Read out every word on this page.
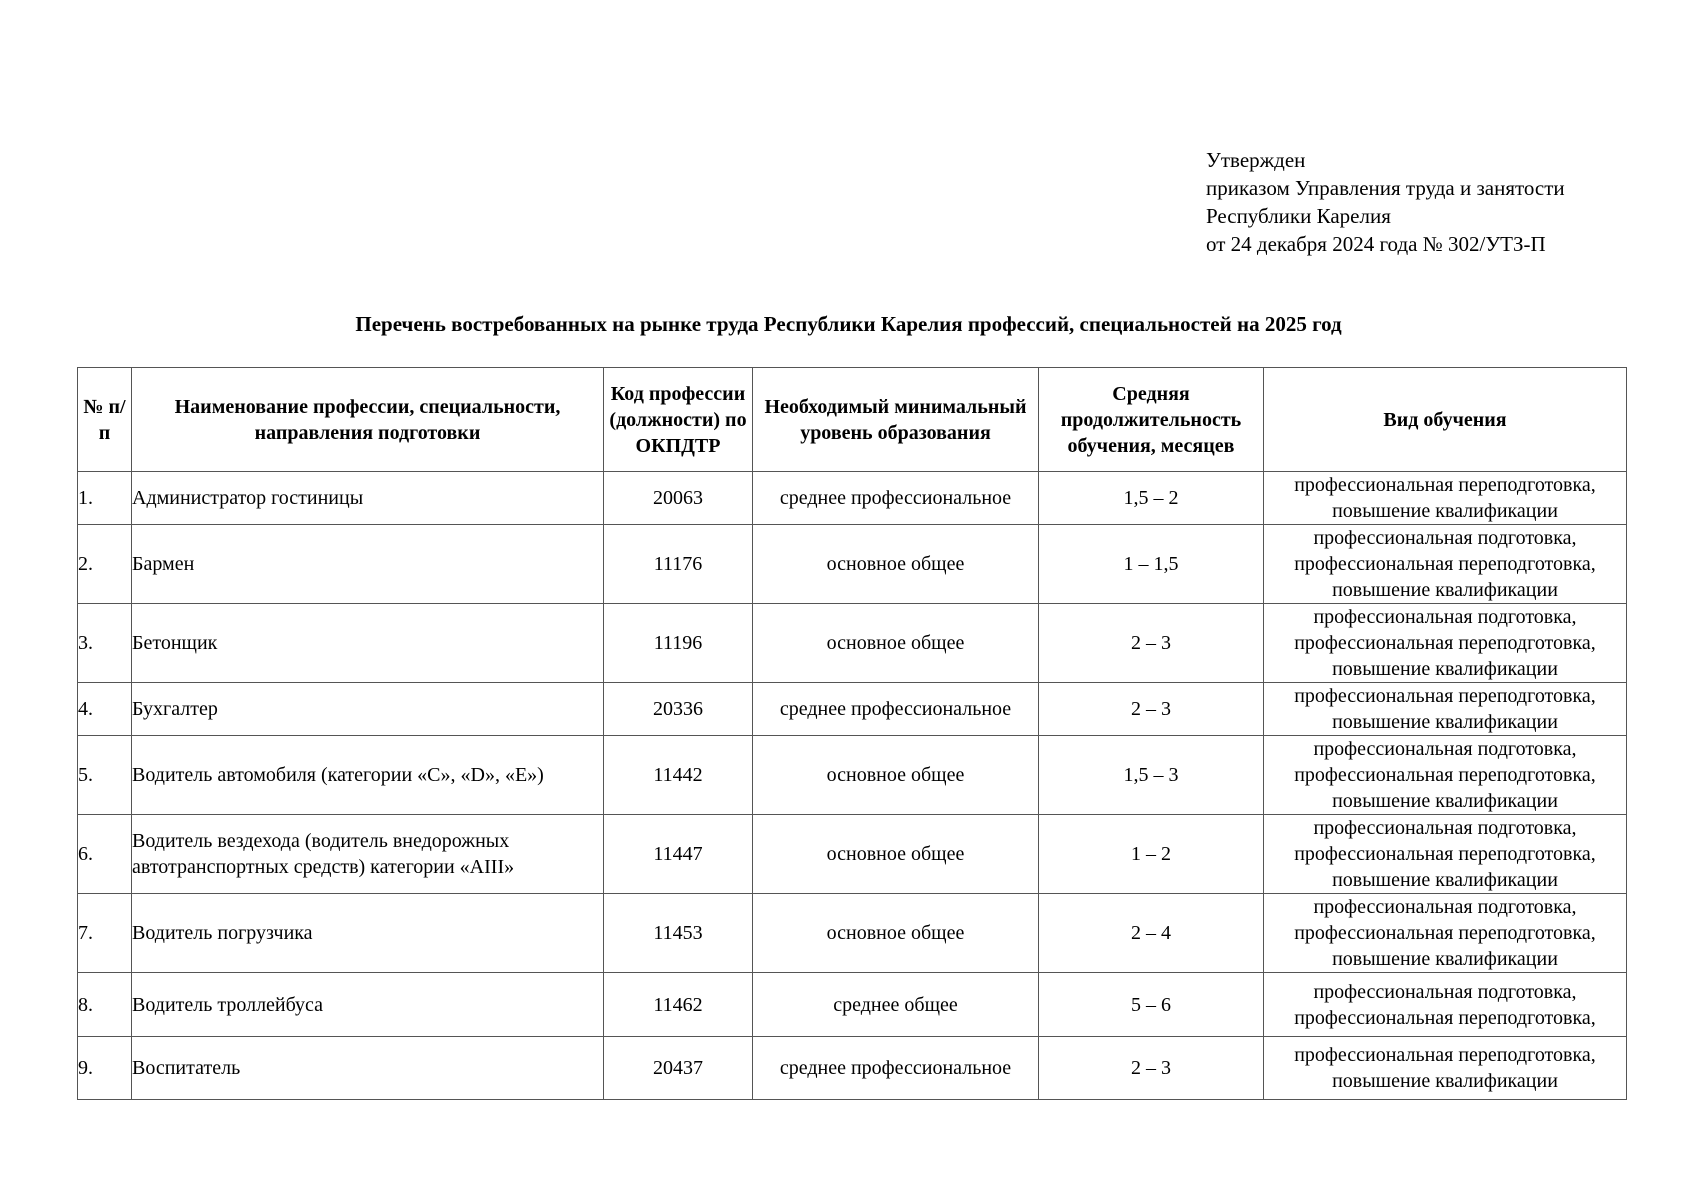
Утвержден
приказом Управления труда и занятости
Республики Карелия
от 24 декабря 2024 года № 302/УТЗ-П
Перечень востребованных на рынке труда Республики Карелия профессий, специальностей на 2025 год
№ п/п	Наименование профессии, специальности, направления подготовки	Код профессии (должности) по ОКПДТР	Необходимый минимальный уровень образования	Средняя продолжительность обучения, месяцев	Вид обучения
1.	Администратор гостиницы	20063	среднее профессиональное	1,5 – 2	профессиональная переподготовка,
повышение квалификации

2.	Бармен	11176	основное общее	1 – 1,5	профессиональная подготовка,
профессиональная переподготовка,
повышение квалификации

3.	Бетонщик	11196	основное общее	2 – 3	профессиональная подготовка,
профессиональная переподготовка,
повышение квалификации

4.	Бухгалтер	20336	среднее профессиональное	2 – 3	профессиональная переподготовка,
повышение квалификации

5.	Водитель автомобиля (категории «C», «D», «E»)	11442	основное общее	1,5 – 3	профессиональная подготовка,
профессиональная переподготовка,
повышение квалификации

6.	Водитель вездехода (водитель внедорожных автотранспортных средств) категории «АIII»	11447	основное общее	1 – 2	профессиональная подготовка,
профессиональная переподготовка,
повышение квалификации

7.	Водитель погрузчика	11453	основное общее	2 – 4	профессиональная подготовка,
профессиональная переподготовка,
повышение квалификации

8.	Водитель троллейбуса	11462	среднее общее	5 – 6	профессиональная подготовка,
профессиональная переподготовка,

9.	Воспитатель	20437	среднее профессиональное	2 – 3	профессиональная переподготовка,
повышение квалификации
